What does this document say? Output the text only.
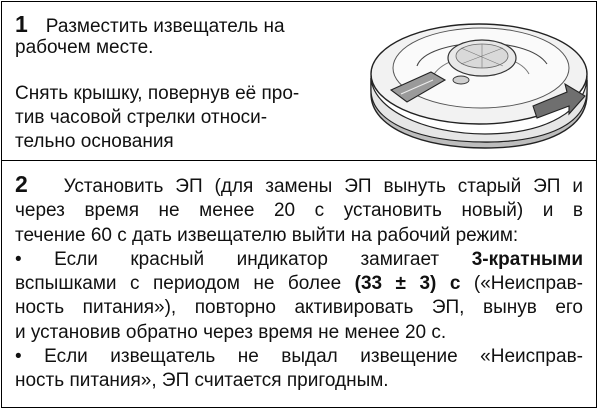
1 Разместить извещатель на
рабочем месте.
Снять крышку, повернув её про-
тив часовой стрелки относи-
тельно основания
2 Установить ЭП (для замены ЭП вынуть старый ЭП и
через время не менее 20 с установить новый) и в
течение 60 с дать извещателю выйти на рабочий режим:
• Если красный индикатор замигает 3-кратными
вспышками с периодом не более (33 ± 3) с («Неисправ-
ность питания»), повторно активировать ЭП, вынув его
и установив обратно через время не менее 20 с.
• Если извещатель не выдал извещение «Неисправ-
ность питания», ЭП считается пригодным.
